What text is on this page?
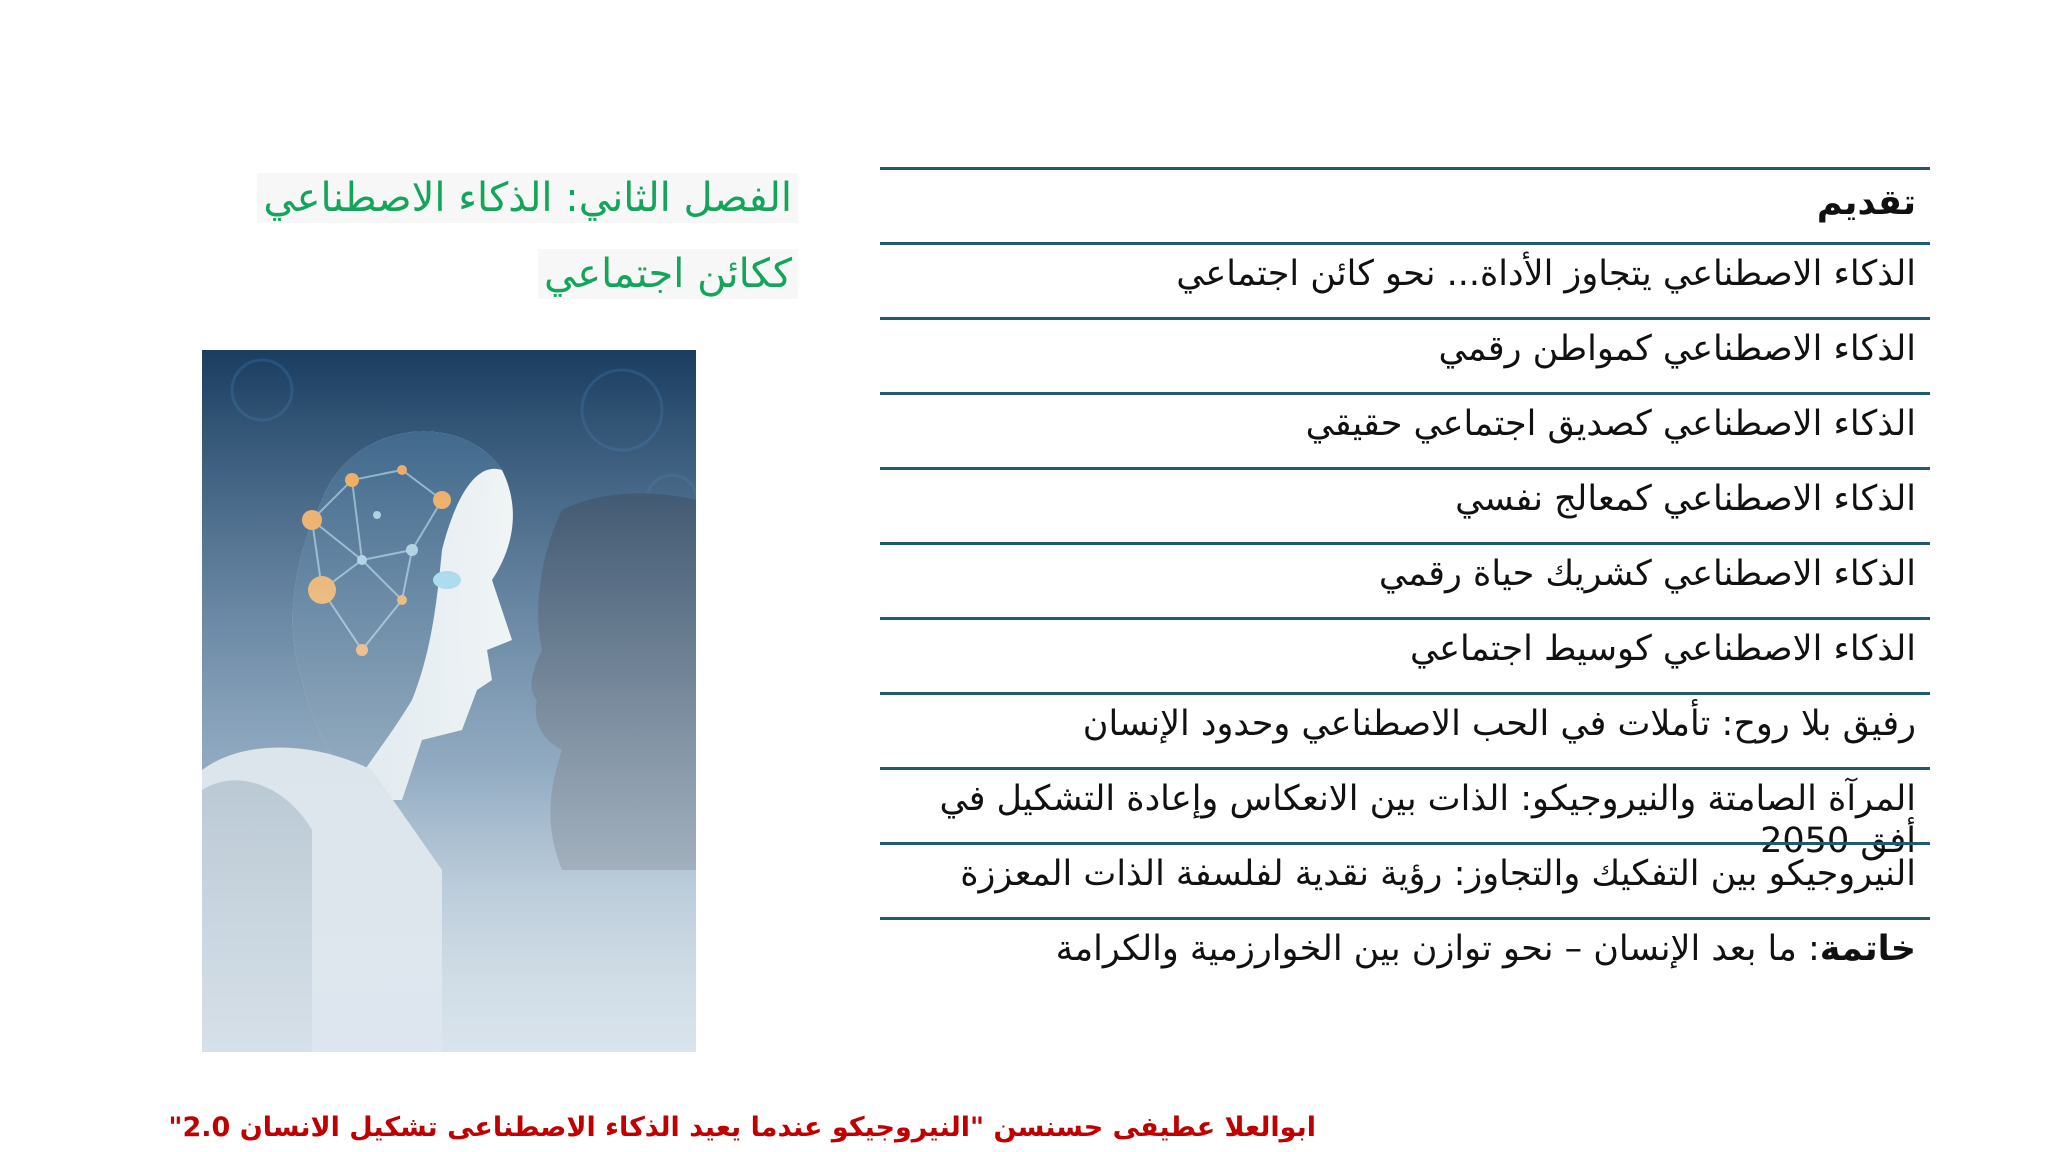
الفصل الثاني: الذكاء الاصطناعي
ككائن اجتماعي
تقديم
الذكاء الاصطناعي يتجاوز الأداة... نحو كائن اجتماعي
الذكاء الاصطناعي كمواطن رقمي
الذكاء الاصطناعي كصديق اجتماعي حقيقي
الذكاء الاصطناعي كمعالج نفسي
الذكاء الاصطناعي كشريك حياة رقمي
الذكاء الاصطناعي كوسيط اجتماعي
رفيق بلا روح: تأملات في الحب الاصطناعي وحدود الإنسان
المرآة الصامتة والنيروجيكو: الذات بين الانعكاس وإعادة التشكيل في أفق 2050
النيروجيكو بين التفكيك والتجاوز: رؤية نقدية لفلسفة الذات المعززة
خاتمة: ما بعد الإنسان – نحو توازن بين الخوارزمية والكرامة
ابوالعلا عطيفى حسنسن "النيروجيكو عندما يعيد الذكاء الاصطناعى تشكيل الانسان 2.0"
